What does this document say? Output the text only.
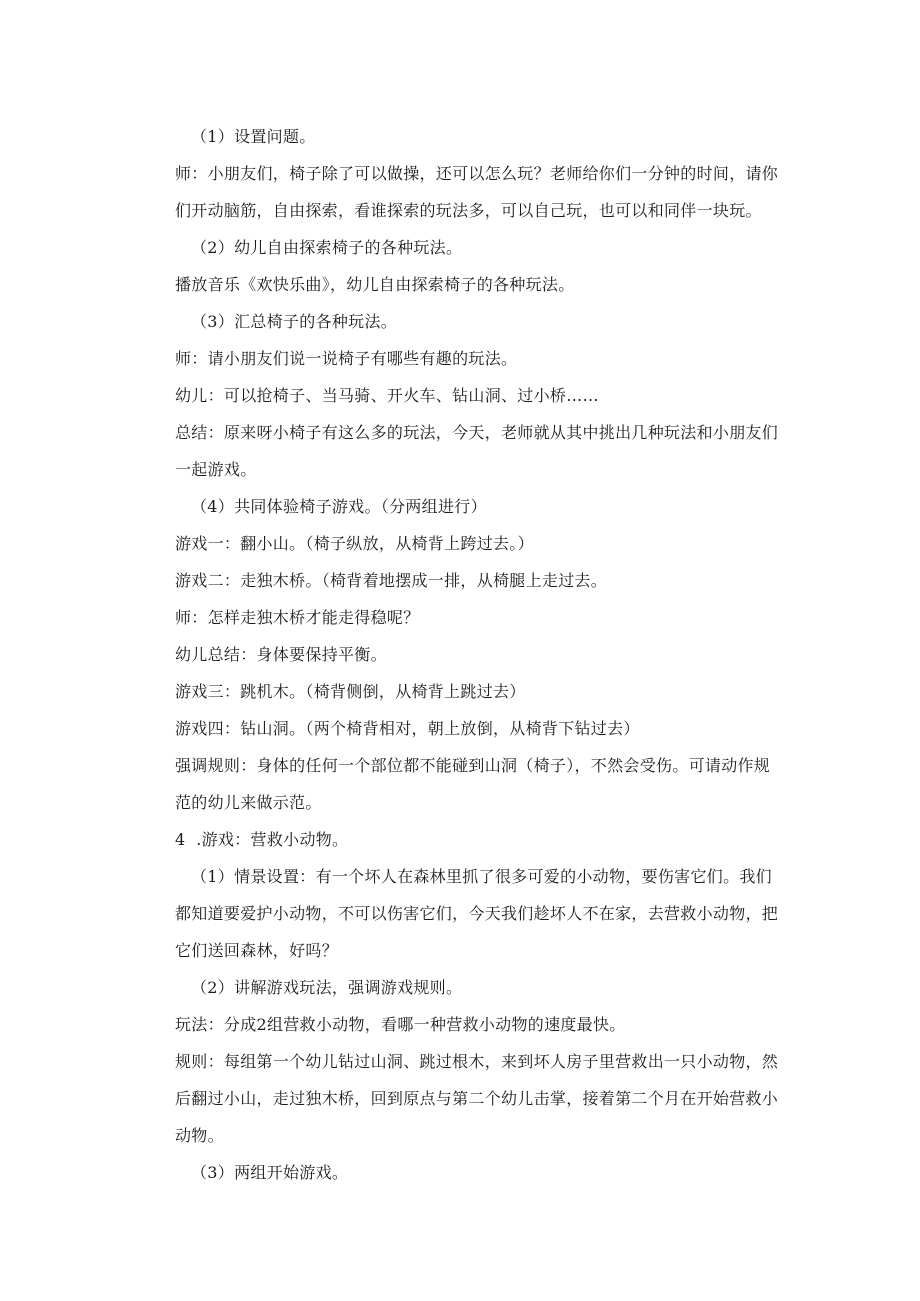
（1）设置问题。

师：小朋友们，椅子除了可以做操，还可以怎么玩？老师给你们一分钟的时间，请你们开动脑筋，自由探索，看谁探索的玩法多，可以自己玩，也可以和同伴一块玩。

（2）幼儿自由探索椅子的各种玩法。

播放音乐《欢快乐曲》，幼儿自由探索椅子的各种玩法。

（3）汇总椅子的各种玩法。

师：请小朋友们说一说椅子有哪些有趣的玩法。

幼儿：可以抢椅子、当马骑、开火车、钻山洞、过小桥……

总结：原来呀小椅子有这么多的玩法，今天，老师就从其中挑出几种玩法和小朋友们一起游戏。

（4）共同体验椅子游戏。（分两组进行）

游戏一：翻小山。（椅子纵放，从椅背上跨过去。）

游戏二：走独木桥。（椅背着地摆成一排，从椅腿上走过去。

师：怎样走独木桥才能走得稳呢？

幼儿总结：身体要保持平衡。

游戏三：跳机木。（椅背侧倒，从椅背上跳过去）

游戏四：钻山洞。（两个椅背相对，朝上放倒，从椅背下钻过去）

强调规则：身体的任何一个部位都不能碰到山洞（椅子），不然会受伤。可请动作规范的幼儿来做示范。

4  .游戏：营救小动物。

（1）情景设置：有一个坏人在森林里抓了很多可爱的小动物，要伤害它们。我们都知道要爱护小动物，不可以伤害它们，今天我们趁坏人不在家，去营救小动物，把它们送回森林，好吗？

（2）讲解游戏玩法，强调游戏规则。

玩法：分成2组营救小动物，看哪一种营救小动物的速度最快。

规则：每组第一个幼儿钻过山洞、跳过根木，来到坏人房子里营救出一只小动物，然后翻过小山，走过独木桥，回到原点与第二个幼儿击掌，接着第二个月在开始营救小动物。

（3）两组开始游戏。
